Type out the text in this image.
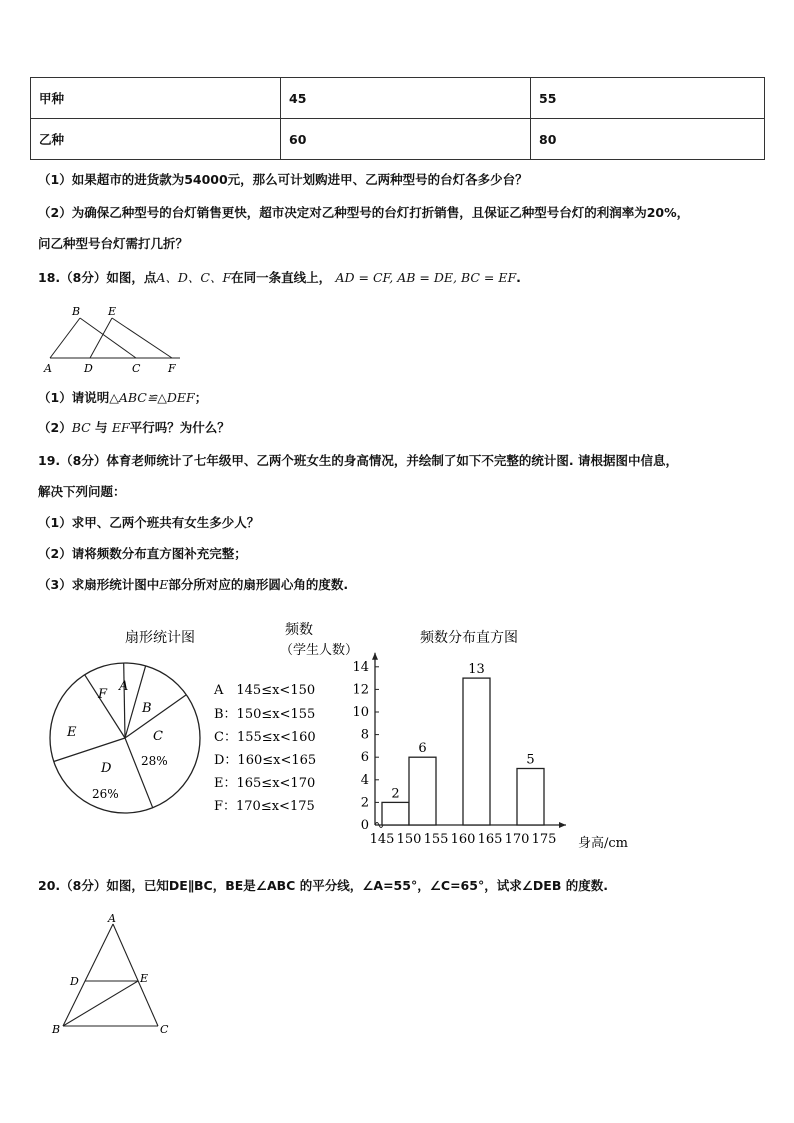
甲种	45	55
乙种	60	80
（1）如果超市的进货款为54000元，那么可计划购进甲、乙两种型号的台灯各多少台？
（2）为确保乙种型号的台灯销售更快，超市决定对乙种型号的台灯打折销售，且保证乙种型号台灯的利润率为20%，
问乙种型号台灯需打几折？
18.（8分）如图，点A、D、C、F在同一条直线上， AD = CF, AB = DE, BC = EF.
B	E
A	D	C	F
（1）请说明△ABC≌△DEF；
（2）BC 与 EF平行吗？为什么？
19.（8分）体育老师统计了七年级甲、乙两个班女生的身高情况，并绘制了如下不完整的统计图. 请根据图中信息，
解决下列问题：
（1）求甲、乙两个班共有女生多少人？
（2）请将频数分布直方图补充完整；
（3）求扇形统计图中E部分所对应的扇形圆心角的度数.
扇形统计图
A
B
C
28%
D
26%
E
F	A　145≤x<150
B：150≤x<155
C：155≤x<160
D：160≤x<165
E：165≤x<170
F：170≤x<175
频数
（学生人数）
频数分布直方图
身高/cm
0
2
4
6
8
10
12
14
145 150 155 160 165 170 175
2
6
13
5
20.（8分）如图，已知DE∥BC，BE是∠ABC 的平分线，∠A=55°，∠C=65°，试求∠DEB 的度数.
A
D	E
B	C
